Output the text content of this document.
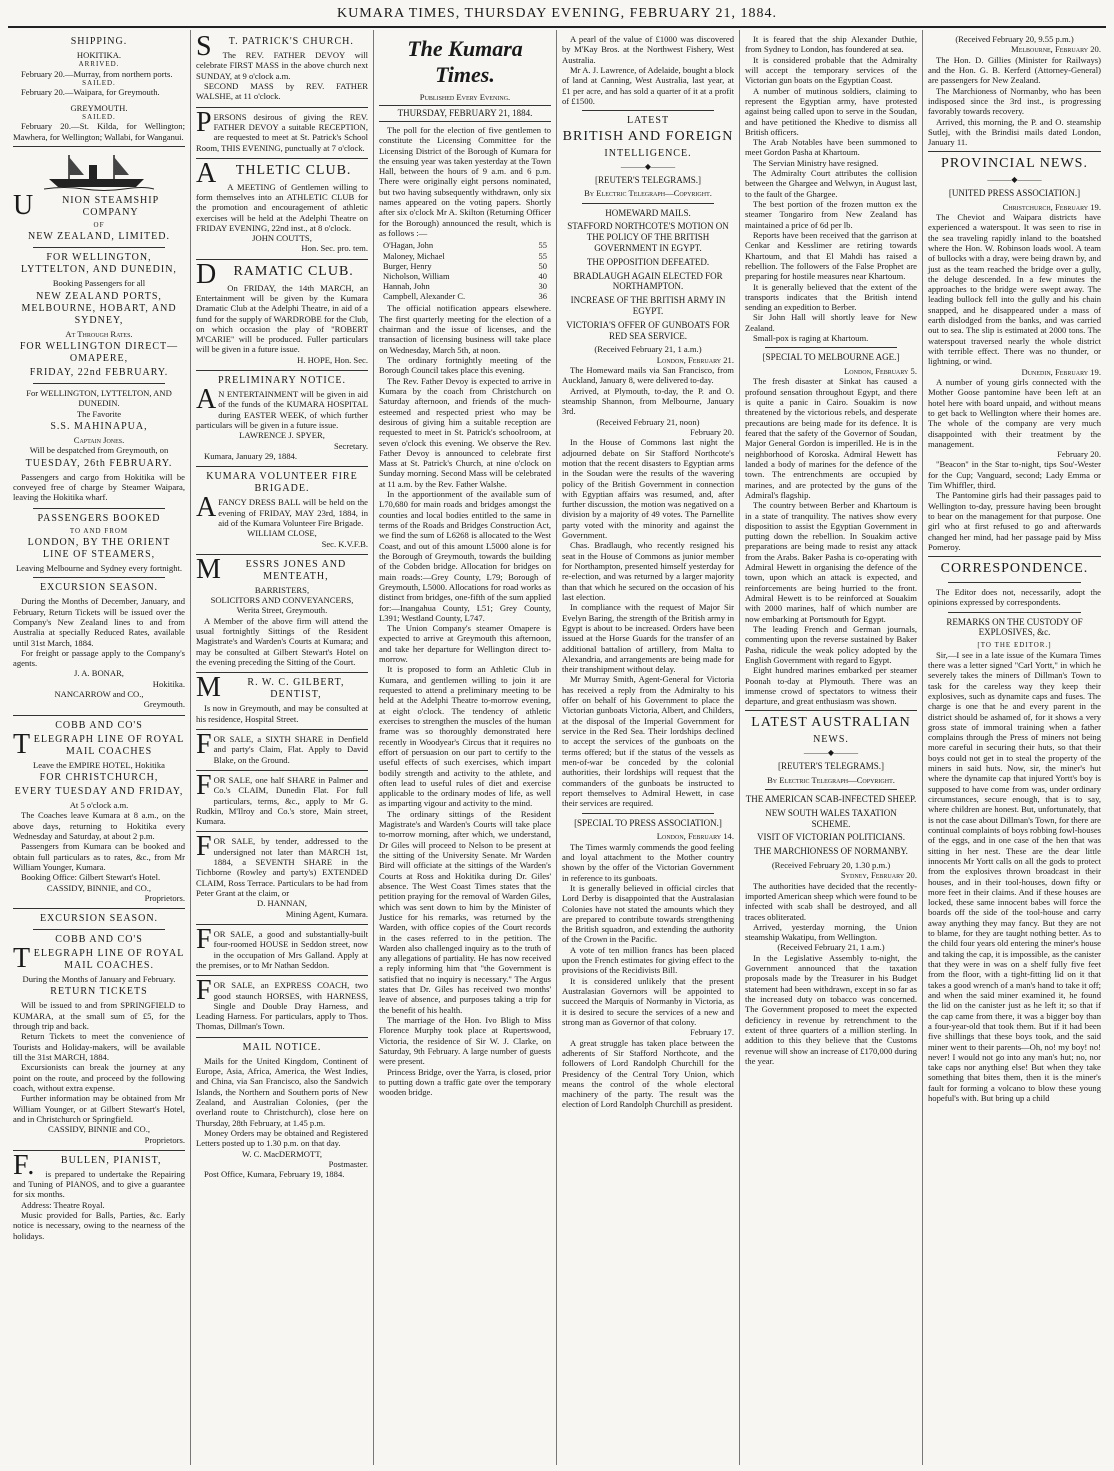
KUMARA TIMES, THURSDAY EVENING, FEBRUARY 21, 1884.
SHIPPING.
HOKITIKA.
ARRIVED.
February 20.—Murray, from northern ports.
SAILED.
February 20.—Waipara, for Greymouth.
GREYMOUTH.
SAILED.
February 20.—St. Kilda, for Wellington; Mawhera, for Wellington; Wallabi, for Wanganui.
UNION STEAMSHIP COMPANY
OF
NEW ZEALAND, LIMITED.
FOR WELLINGTON, LYTTELTON, AND DUNEDIN,
Booking Passengers for all
NEW ZEALAND PORTS, MELBOURNE, HOBART, AND SYDNEY,
At Through Rates.
FOR WELLINGTON DIRECT—OMAPERE,
FRIDAY, 22nd FEBRUARY.
For WELLINGTON, LYTTELTON, AND DUNEDIN.
The Favorite
S.S. MAHINAPUA,
Captain Jones.
Will be despatched from Greymouth, on
TUESDAY, 26th FEBRUARY.
Passengers and cargo from Hokitika will be conveyed free of charge by Steamer Waipara, leaving the Hokitika wharf.
PASSENGERS BOOKED
TO AND FROM
LONDON, BY THE ORIENT LINE OF STEAMERS,
Leaving Melbourne and Sydney every fortnight.
EXCURSION SEASON.
During the Months of December, January, and February, Return Tickets will be issued over the Company's New Zealand lines to and from Australia at specially Reduced Rates, available until 31st March, 1884.
For freight or passage apply to the Company's agents.
J. A. BONAR,
Hokitika.
NANCARROW and CO.,
Greymouth.
COBB AND CO'S
TELEGRAPH LINE OF ROYAL MAIL COACHES
Leave the EMPIRE HOTEL, Hokitika
FOR CHRISTCHURCH,
EVERY TUESDAY AND FRIDAY,
At 5 o'clock a.m.
The Coaches leave Kumara at 8 a.m., on the above days, returning to Hokitika every Wednesday and Saturday, at about 2 p.m.
Passengers from Kumara can be booked and obtain full particulars as to rates, &c., from Mr William Younger, Kumara.
Booking Office: Gilbert Stewart's Hotel.
CASSIDY, BINNIE, and CO.,
Proprietors.
EXCURSION SEASON.
COBB AND CO'S
TELEGRAPH LINE OF ROYAL MAIL COACHES.
During the Months of January and February.
RETURN TICKETS
Will be issued to and from SPRINGFIELD to KUMARA, at the small sum of £5, for the through trip and back.
Return Tickets to meet the convenience of Tourists and Holiday-makers, will be available till the 31st MARCH, 1884.
Excursionists can break the journey at any point on the route, and proceed by the following coach, without extra expense.
Further information may be obtained from Mr William Younger, or at Gilbert Stewart's Hotel, and in Christchurch or Springfield.
CASSIDY, BINNIE and CO.,
Proprietors.
F.BULLEN, PIANIST,
is prepared to undertake the Repairing and Tuning of PIANOS, and to give a guarantee for six months.
Address: Theatre Royal.
Music provided for Balls, Parties, &c. Early notice is necessary, owing to the nearness of the holidays.
ST. PATRICK'S CHURCH.
The REV. FATHER DEVOY will celebrate FIRST MASS in the above church next SUNDAY, at 9 o'clock a.m.
SECOND MASS by REV. FATHER WALSHE, at 11 o'clock.
PERSONS desirous of giving the REV. FATHER DEVOY a suitable RECEPTION, are requested to meet at St. Patrick's School Room, THIS EVENING, punctually at 7 o'clock.
ATHLETIC CLUB.
A MEETING of Gentlemen willing to form themselves into an ATHLETIC CLUB for the promotion and encouragement of athletic exercises will be held at the Adelphi Theatre on FRIDAY EVENING, 22nd inst., at 8 o'clock.
JOHN COUTTS,
Hon. Sec. pro. tem.
DRAMATIC CLUB.
On FRIDAY, the 14th MARCH, an Entertainment will be given by the Kumara Dramatic Club at the Adelphi Theatre, in aid of a fund for the supply of WARDROBE for the Club, on which occasion the play of "ROBERT M'CARIE" will be produced. Fuller particulars will be given in a future issue.
H. HOPE, Hon. Sec.
PRELIMINARY NOTICE.
AN ENTERTAINMENT will be given in aid of the funds of the KUMARA HOSPITAL during EASTER WEEK, of which further particulars will be given in a future issue.
LAWRENCE J. SPYER,
Secretary.
Kumara, January 29, 1884.
KUMARA VOLUNTEER FIRE BRIGADE.
AFANCY DRESS BALL will be held on the evening of FRIDAY, MAY 23rd, 1884, in aid of the Kumara Volunteer Fire Brigade.
WILLIAM CLOSE,
Sec. K.V.F.B.
MESSRS JONES AND MENTEATH,
BARRISTERS,
SOLICITORS AND CONVEYANCERS,
Werita Street, Greymouth.
A Member of the above firm will attend the usual fortnightly Sittings of the Resident Magistrate's and Warden's Courts at Kumara; and may be consulted at Gilbert Stewart's Hotel on the evening preceding the Sitting of the Court.
MR. W. C. GILBERT, DENTIST,
Is now in Greymouth, and may be consulted at his residence, Hospital Street.
FOR SALE, a SIXTH SHARE in Denfield and party's Claim, Flat. Apply to David Blake, on the Ground.
FOR SALE, one half SHARE in Palmer and Co.'s CLAIM, Dunedin Flat. For full particulars, terms, &c., apply to Mr G. Rudkin, M'Ilroy and Co.'s store, Main street, Kumara.
FOR SALE, by tender, addressed to the undersigned not later than MARCH 1st, 1884, a SEVENTH SHARE in the Tichborne (Rowley and party's) EXTENDED CLAIM, Ross Terrace. Particulars to be had from Peter Grant at the claim, or
D. HANNAN,
Mining Agent, Kumara.
FOR SALE, a good and substantially-built four-roomed HOUSE in Seddon street, now in the occupation of Mrs Galland. Apply at the premises, or to Mr Nathan Seddon.
FOR SALE, an EXPRESS COACH, two good staunch HORSES, with HARNESS, Single and Double Dray Harness, and Leading Harness. For particulars, apply to Thos. Thomas, Dillman's Town.
MAIL NOTICE.
Mails for the United Kingdom, Continent of Europe, Asia, Africa, America, the West Indies, and China, via San Francisco, also the Sandwich Islands, the Northern and Southern ports of New Zealand, and Australian Colonies, (per the overland route to Christchurch), close here on Thursday, 28th February, at 1.45 p.m.
Money Orders may be obtained and Registered Letters posted up to 1.30 p.m. on that day.
W. C. MacDERMOTT,
Postmaster.
Post Office, Kumara, February 19, 1884.
The Kumara Times.
Published Every Evening.
THURSDAY, FEBRUARY 21, 1884.
The poll for the election of five gentlemen to constitute the Licensing Committee for the Licensing District of the Borough of Kumara for the ensuing year was taken yesterday at the Town Hall, between the hours of 9 a.m. and 6 p.m. There were originally eight persons nominated, but two having subsequently withdrawn, only six names appeared on the voting papers. Shortly after six o'clock Mr A. Skilton (Returning Officer for the Borough) announced the result, which is as follows :—
O'Hagan, John	55
Maloney, Michael	55
Burger, Henry	50
Nicholson, William	40
Hannah, John	30
Campbell, Alexander C.	36
The official notification appears elsewhere. The first quarterly meeting for the election of a chairman and the issue of licenses, and the transaction of licensing business will take place on Wednesday, March 5th, at noon.
The ordinary fortnightly meeting of the Borough Council takes place this evening.
The Rev. Father Devoy is expected to arrive in Kumara by the coach from Christchurch on Saturday afternoon, and friends of the much-esteemed and respected priest who may be desirous of giving him a suitable reception are requested to meet in St. Patrick's schoolroom, at seven o'clock this evening. We observe the Rev. Father Devoy is announced to celebrate first Mass at St. Patrick's Church, at nine o'clock on Sunday morning. Second Mass will be celebrated at 11 a.m. by the Rev. Father Walshe.
In the apportionment of the available sum of L70,680 for main roads and bridges amongst the counties and local bodies entitled to the same in terms of the Roads and Bridges Construction Act, we find the sum of L6268 is allocated to the West Coast, and out of this amount L5000 alone is for the Borough of Greymouth, towards the building of the Cobden bridge. Allocation for bridges on main roads:—Grey County, L79; Borough of Greymouth, L5000. Allocations for road works as distinct from bridges, one-fifth of the sum applied for:—Inangahua County, L51; Grey County, L391; Westland County, L747.
The Union Company's steamer Omapere is expected to arrive at Greymouth this afternoon, and take her departure for Wellington direct to-morrow.
It is proposed to form an Athletic Club in Kumara, and gentlemen willing to join it are requested to attend a preliminary meeting to be held at the Adelphi Theatre to-morrow evening, at eight o'clock. The tendency of athletic exercises to strengthen the muscles of the human frame was so thoroughly demonstrated here recently in Woodyear's Circus that it requires no effort of persuasion on our part to certify to the useful effects of such exercises, which impart bodily strength and activity to the athlete, and often lead to useful rules of diet and exercise applicable to the ordinary modes of life, as well as imparting vigour and activity to the mind.
The ordinary sittings of the Resident Magistrate's and Warden's Courts will take place to-morrow morning, after which, we understand, Dr Giles will proceed to Nelson to be present at the sitting of the University Senate. Mr Warden Bird will officiate at the sittings of the Warden's Courts at Ross and Hokitika during Dr. Giles' absence. The West Coast Times states that the petition praying for the removal of Warden Giles, which was sent down to him by the Minister of Justice for his remarks, was returned by the Warden, with office copies of the Court records in the cases referred to in the petition. The Warden also challenged inquiry as to the truth of any allegations of partiality. He has now received a reply informing him that "the Government is satisfied that no inquiry is necessary." The Argus states that Dr. Giles has received two months' leave of absence, and purposes taking a trip for the benefit of his health.
The marriage of the Hon. Ivo Bligh to Miss Florence Murphy took place at Rupertswood, Victoria, the residence of Sir W. J. Clarke, on Saturday, 9th February. A large number of guests were present.
Princess Bridge, over the Yarra, is closed, prior to putting down a traffic gate over the temporary wooden bridge.
A pearl of the value of £1000 was discovered by M'Kay Bros. at the Northwest Fishery, West Australia.
Mr A. J. Lawrence, of Adelaide, bought a block of land at Canning, West Australia, last year, at £1 per acre, and has sold a quarter of it at a profit of £1500.
LATEST
BRITISH AND FOREIGN
INTELLIGENCE.
———◆———
[REUTER'S TELEGRAMS.]
By Electric Telegraph—Copyright.
HOMEWARD MAILS.
STAFFORD NORTHCOTE'S MOTION ON THE POLICY OF THE BRITISH GOVERNMENT IN EGYPT.
THE OPPOSITION DEFEATED.
BRADLAUGH AGAIN ELECTED FOR NORTHAMPTON.
INCREASE OF THE BRITISH ARMY IN EGYPT.
VICTORIA'S OFFER OF GUNBOATS FOR RED SEA SERVICE.
(Received February 21, 1 a.m.)
London, February 21.
The Homeward mails via San Francisco, from Auckland, January 8, were delivered to-day.
Arrived, at Plymouth, to-day, the P. and O. steamship Shannon, from Melbourne, January 3rd.
(Received February 21, noon)
February 20.
In the House of Commons last night the adjourned debate on Sir Stafford Northcote's motion that the recent disasters to Egyptian arms in the Soudan were the results of the wavering policy of the British Government in connection with Egyptian affairs was resumed, and, after further discussion, the motion was negatived on a division by a majority of 49 votes. The Parnellite party voted with the minority and against the Government.
Chas. Bradlaugh, who recently resigned his seat in the House of Commons as junior member for Northampton, presented himself yesterday for re-election, and was returned by a larger majority than that which he secured on the occasion of his last election.
In compliance with the request of Major Sir Evelyn Baring, the strength of the British army in Egypt is about to be increased. Orders have been issued at the Horse Guards for the transfer of an additional battalion of artillery, from Malta to Alexandria, and arrangements are being made for their transhipment without delay.
Mr Murray Smith, Agent-General for Victoria has received a reply from the Admiralty to his offer on behalf of his Government to place the Victorian gunboats Victoria, Albert, and Childers, at the disposal of the Imperial Government for service in the Red Sea. Their lordships declined to accept the services of the gunboats on the terms offered; but if the status of the vessels as men-of-war be conceded by the colonial authorities, their lordships will request that the commanders of the gunboats be instructed to report themselves to Admiral Hewett, in case their services are required.
[SPECIAL TO PRESS ASSOCIATION.]
London, February 14.
The Times warmly commends the good feeling and loyal attachment to the Mother country shown by the offer of the Victorian Government in reference to its gunboats.
It is generally believed in official circles that Lord Derby is disappointed that the Australasian Colonies have not stated the amounts which they are prepared to contribute towards strengthening the British squadron, and extending the authority of the Crown in the Pacific.
A vote of ten million francs has been placed upon the French estimates for giving effect to the provisions of the Recidivists Bill.
It is considered unlikely that the present Australasian Governors will be appointed to succeed the Marquis of Normanby in Victoria, as it is desired to secure the services of a new and strong man as Governor of that colony.
February 17.
A great struggle has taken place between the adherents of Sir Stafford Northcote, and the followers of Lord Randolph Churchill for the Presidency of the Central Tory Union, which means the control of the whole electoral machinery of the party. The result was the election of Lord Randolph Churchill as president.
It is feared that the ship Alexander Duthie, from Sydney to London, has foundered at sea.
It is considered probable that the Admiralty will accept the temporary services of the Victorian gun boats on the Egyptian Coast.
A number of mutinous soldiers, claiming to represent the Egyptian army, have protested against being called upon to serve in the Soudan, and have petitioned the Khedive to dismiss all British officers.
The Arab Notables have been summoned to meet Gordon Pasha at Khartoum.
The Servian Ministry have resigned.
The Admiralty Court attributes the collision between the Ghargee and Welwyn, in August last, to the fault of the Ghargee.
The best portion of the frozen mutton ex the steamer Tongariro from New Zealand has maintained a price of 6d per lb.
Reports have been received that the garrison at Cenkar and Kesslimer are retiring towards Khartoum, and that El Mahdi has raised a rebellion. The followers of the False Prophet are preparing for hostile measures near Khartoum.
It is generally believed that the extent of the transports indicates that the British intend sending an expedition to Berber.
Sir John Hall will shortly leave for New Zealand.
Small-pox is raging at Khartoum.
[SPECIAL TO MELBOURNE AGE.]
London, February 5.
The fresh disaster at Sinkat has caused a profound sensation throughout Egypt, and there is quite a panic in Cairo. Souakim is now threatened by the victorious rebels, and desperate precautions are being made for its defence. It is feared that the safety of the Governor of Soudan, Major General Gordon is imperilled. He is in the neighborhood of Koroska. Admiral Hewett has landed a body of marines for the defence of the town. The entrenchments are occupied by marines, and are protected by the guns of the Admiral's flagship.
The country between Berber and Khartoum is in a state of tranquility. The natives show every disposition to assist the Egyptian Government in putting down the rebellion. In Souakim active preparations are being made to resist any attack from the Arabs. Baker Pasha is co-operating with Admiral Hewett in organising the defence of the town, upon which an attack is expected, and reinforcements are being hurried to the front. Admiral Hewett is to be reinforced at Souakim with 2000 marines, half of which number are now embarking at Portsmouth for Egypt.
The leading French and German journals, commenting upon the reverse sustained by Baker Pasha, ridicule the weak policy adopted by the English Government with regard to Egypt.
Eight hundred marines embarked per steamer Poonah to-day at Plymouth. There was an immense crowd of spectators to witness their departure, and great enthusiasm was shown.
LATEST AUSTRALIAN
NEWS.
———◆———
[REUTER'S TELEGRAMS.]
By Electric Telegraph—Copyright.
THE AMERICAN SCAB-INFECTED SHEEP.
NEW SOUTH WALES TAXATION SCHEME.
VISIT OF VICTORIAN POLITICIANS.
THE MARCHIONESS OF NORMANBY.
(Received February 20, 1.30 p.m.)
Sydney, February 20.
The authorities have decided that the recently-imported American sheep which were found to be infected with scab shall be destroyed, and all traces obliterated.
Arrived, yesterday morning, the Union steamship Wakatipu, from Wellington.
(Received February 21, 1 a.m.)
In the Legislative Assembly to-night, the Government announced that the taxation proposals made by the Treasurer in his Budget statement had been withdrawn, except in so far as the increased duty on tobacco was concerned. The Government proposed to meet the expected deficiency in revenue by retrenchment to the extent of three quarters of a million sterling. In addition to this they believe that the Customs revenue will show an increase of £170,000 during the year.
(Received February 20, 9.55 p.m.)
Melbourne, February 20.
The Hon. D. Gillies (Minister for Railways) and the Hon. G. B. Kerferd (Attorney-General) are passengers for New Zealand.
The Marchioness of Normanby, who has been indisposed since the 3rd inst., is progressing favorably towards recovery.
Arrived, this morning, the P. and O. steamship Sutlej, with the Brindisi mails dated London, January 11.
PROVINCIAL NEWS.
———◆———
[UNITED PRESS ASSOCIATION.]
Christchurch, February 19.
The Cheviot and Waipara districts have experienced a waterspout. It was seen to rise in the sea traveling rapidly inland to the boatshed where the Hon. W. Robinson loads wool. A team of bullocks with a dray, were being drawn by, and just as the team reached the bridge over a gully, the deluge descended. In a few minutes the approaches to the bridge were swept away. The leading bullock fell into the gully and his chain snapped, and he disappeared under a mass of earth dislodged from the banks, and was carried out to sea. The slip is estimated at 2000 tons. The waterspout traversed nearly the whole district with terrible effect. There was no thunder, or lightning, or wind.
Dunedin, February 19.
A number of young girls connected with the Mother Goose pantomine have been left at an hotel here with board unpaid, and without means to get back to Wellington where their homes are. The whole of the company are very much disappointed with their treatment by the management.
February 20.
"Beacon" in the Star to-night, tips Sou'-Wester for the Cup; Vanguard, second; Lady Emma or Tim Whiffler, third.
The Pantomine girls had their passages paid to Wellington to-day, pressure having been brought to bear on the management for that purpose. One girl who at first refused to go and afterwards changed her mind, had her passage paid by Miss Pomeroy.
CORRESPONDENCE.
The Editor does not, necessarily, adopt the opinions expressed by correspondents.
REMARKS ON THE CUSTODY OF EXPLOSIVES, &c.
[TO THE EDITOR.]
Sir,—I see in a late issue of the Kumara Times there was a letter signed "Carl Yortt," in which he severely takes the miners of Dillman's Town to task for the careless way they keep their explosives, such as dynamite caps and fuses. The charge is one that he and every parent in the district should be ashamed of, for it shows a very gross state of immoral training when a father complains through the Press of miners not being more careful in securing their huts, so that their boys could not get in to steal the property of the miners in said huts. Now, sir, the miner's hut where the dynamite cap that injured Yortt's boy is supposed to have come from was, under ordinary circumstances, secure enough, that is to say, where children are honest. But, unfortunately, that is not the case about Dillman's Town, for there are continual complaints of boys robbing fowl-houses of the eggs, and in one case of the hen that was sitting in her nest. These are the dear little innocents Mr Yortt calls on all the gods to protect from the explosives thrown broadcast in their houses, and in their tool-houses, down fifty or more feet in their claims. And if these houses are locked, these same innocent babes will force the boards off the side of the tool-house and carry away anything they may fancy. But they are not to blame, for they are taught nothing better. As to the child four years old entering the miner's house and taking the cap, it is impossible, as the canister that they were in was on a shelf fully five feet from the floor, with a tight-fitting lid on it that takes a good wrench of a man's hand to take it off; and when the said miner examined it, he found the lid on the canister just as he left it; so that if the cap came from there, it was a bigger boy than a four-year-old that took them. But if it had been five shillings that these boys took, and the said miner went to their parents—Oh, no! my boy! no! never! I would not go into any man's hut; no, nor take caps nor anything else! But when they take something that bites them, then it is the miner's fault for forming a volcano to blow these young hopeful's with. But bring up a child
